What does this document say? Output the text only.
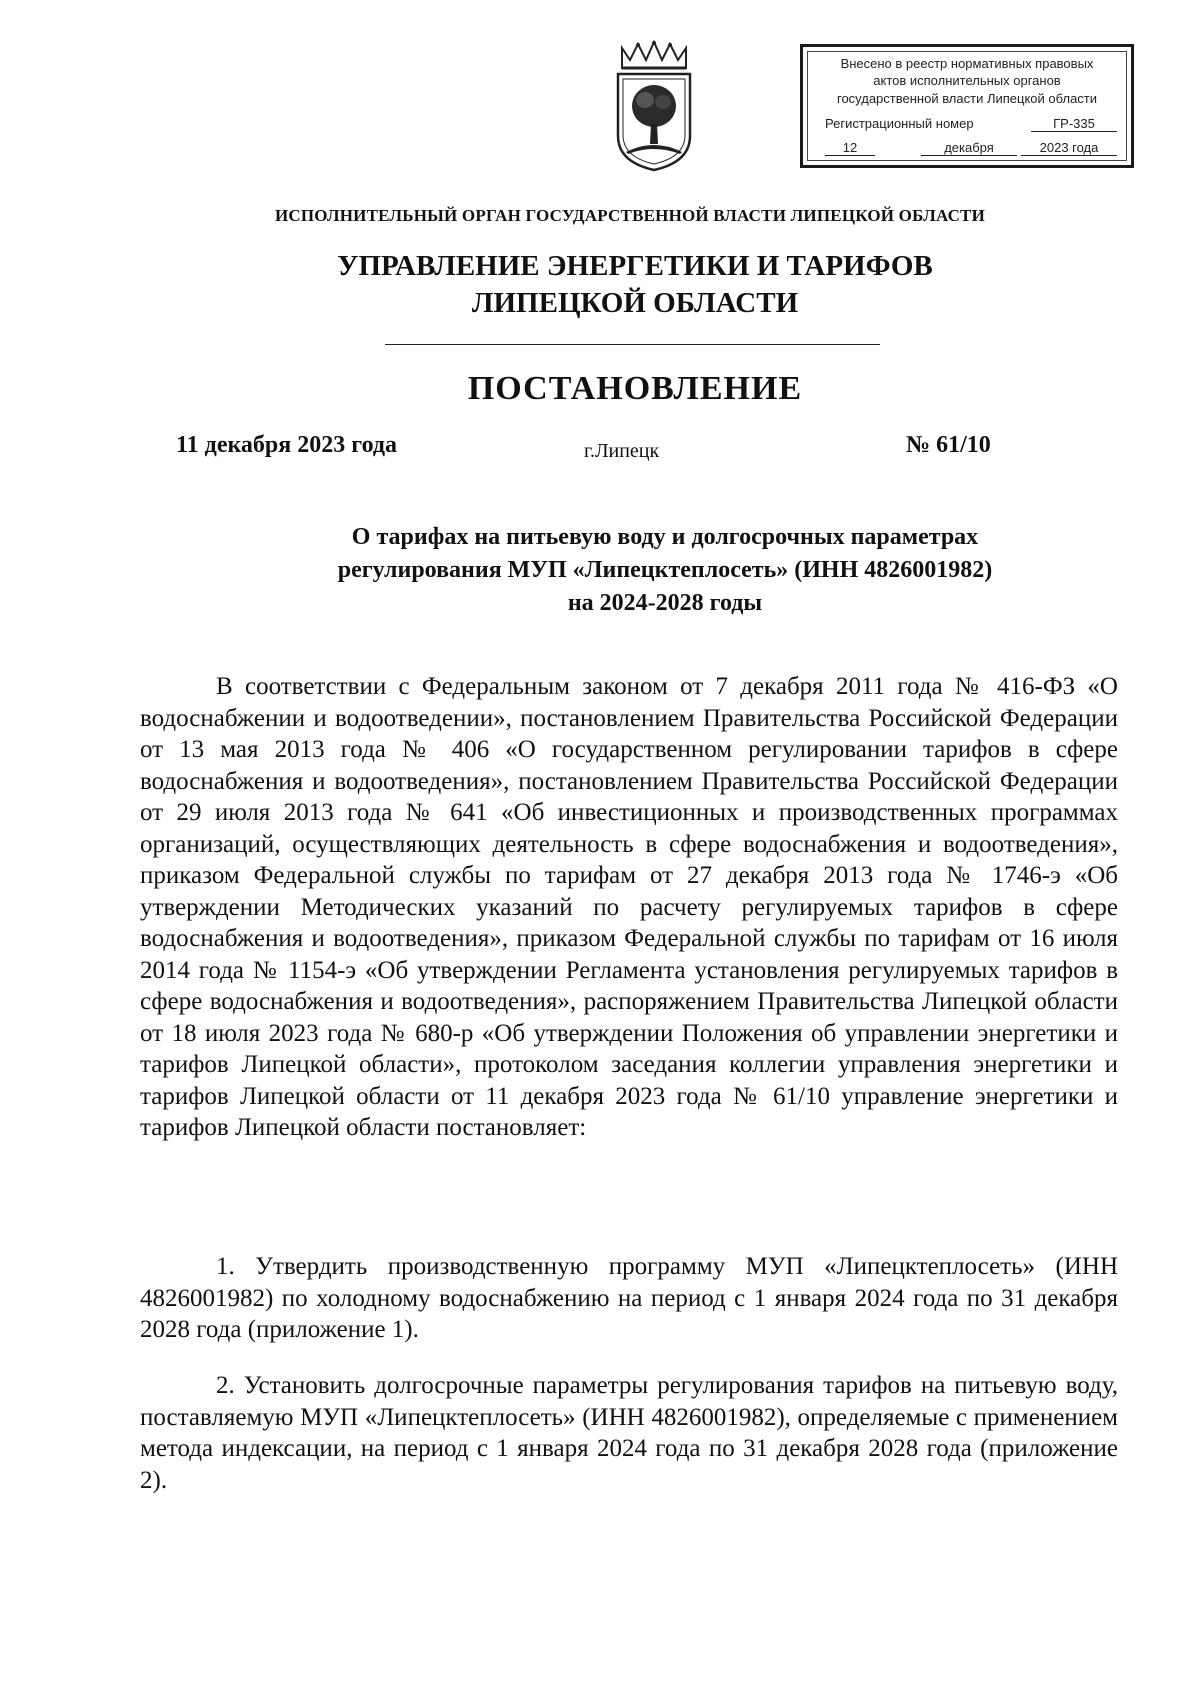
Внесено в реестр нормативных правовых
актов исполнительных органов
государственной власти Липецкой области
Регистрационный номер	ГР-335
12	декабря	2023 года
ИСПОЛНИТЕЛЬНЫЙ ОРГАН ГОСУДАРСТВЕННОЙ ВЛАСТИ ЛИПЕЦКОЙ ОБЛАСТИ
УПРАВЛЕНИЕ ЭНЕРГЕТИКИ И ТАРИФОВ
ЛИПЕЦКОЙ ОБЛАСТИ
ПОСТАНОВЛЕНИЕ
11 декабря 2023 года	г.Липецк	№ 61/10
О тарифах на питьевую воду и долгосрочных параметрах
регулирования МУП «Липецктеплосеть» (ИНН 4826001982)
на 2024-2028 годы

В соответствии с Федеральным законом от 7 декабря 2011 года № 416-ФЗ «О водоснабжении и водоотведении», постановлением Правительства Российской Федерации от 13 мая 2013 года № 406 «О государственном регулировании тарифов в сфере водоснабжения и водоотведения», постановлением Правительства Российской Федерации от 29 июля 2013 года № 641 «Об инвестиционных и производственных программах организаций, осуществляющих деятельность в сфере водоснабжения и водоотведения», приказом Федеральной службы по тарифам от 27 декабря 2013 года № 1746-э «Об утверждении Методических указаний по расчету регулируемых тарифов в сфере водоснабжения и водоотведения», приказом Федеральной службы по тарифам от 16 июля 2014 года № 1154-э «Об утверждении Регламента установления регулируемых тарифов в сфере водоснабжения и водоотведения», распоряжением Правительства Липецкой области от 18 июля 2023 года № 680-р «Об утверждении Положения об управлении энергетики и тарифов Липецкой области», протоколом заседания коллегии управления энергетики и тарифов Липецкой области от 11 декабря 2023 года № 61/10 управление энергетики и тарифов Липецкой области постановляет:

1. Утвердить производственную программу МУП «Липецктеплосеть» (ИНН 4826001982) по холодному водоснабжению на период с 1 января 2024 года по 31 декабря 2028 года (приложение 1).

2. Установить долгосрочные параметры регулирования тарифов на питьевую воду, поставляемую МУП «Липецктеплосеть» (ИНН 4826001982), определяемые с применением метода индексации, на период с 1 января 2024 года по 31 декабря 2028 года (приложение 2).
